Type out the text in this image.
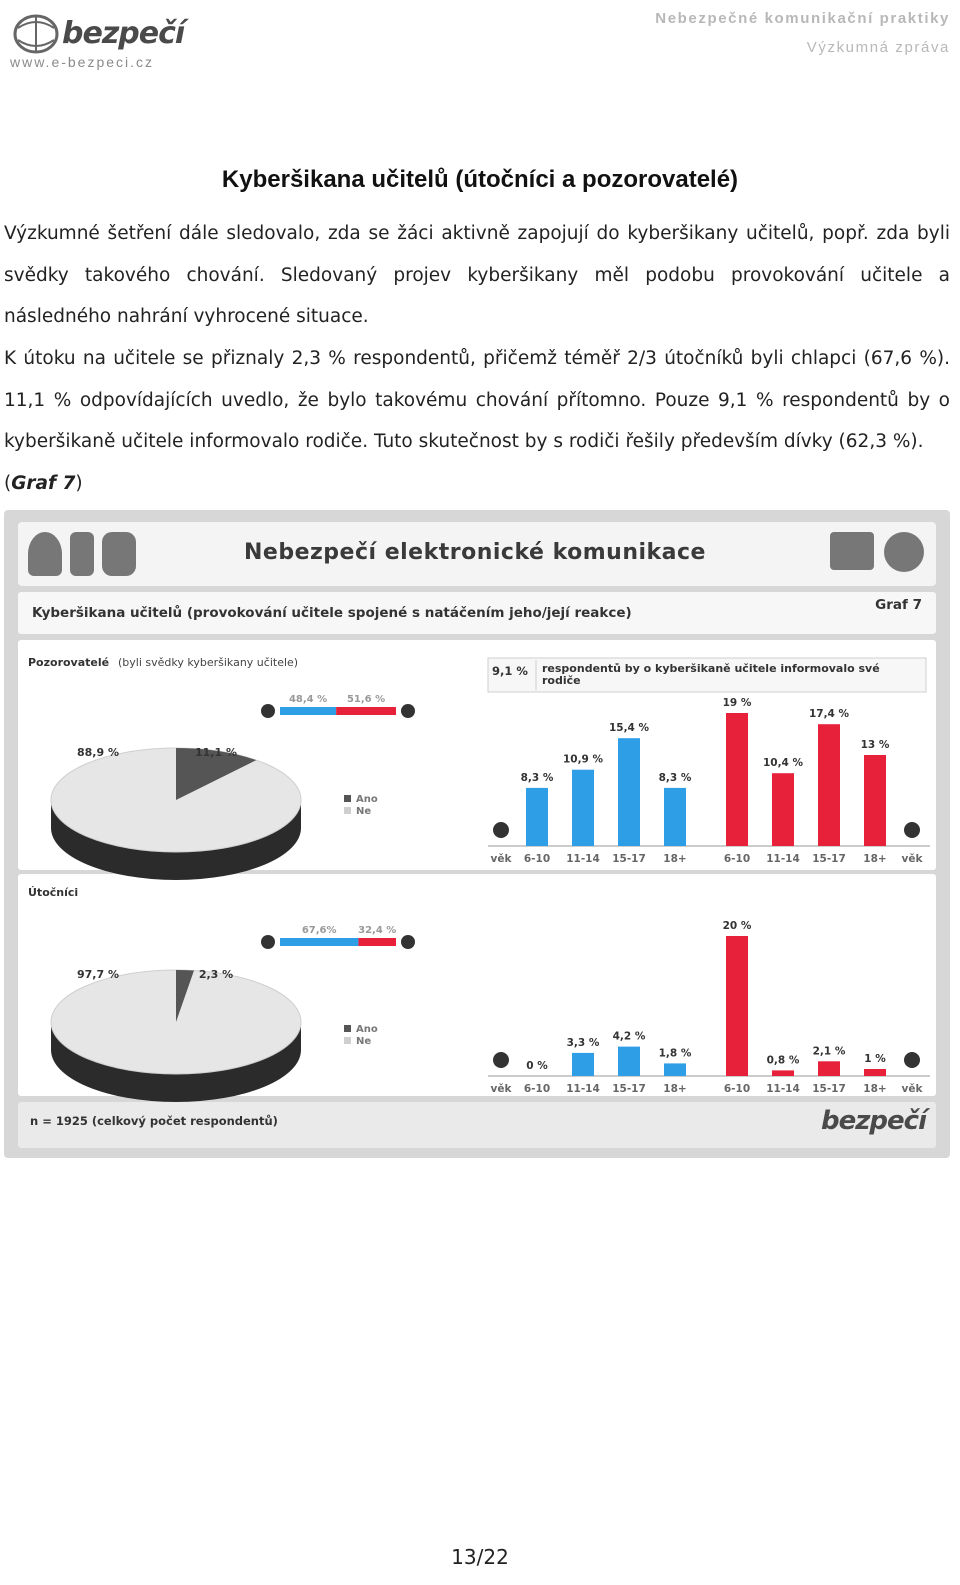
bezpečí
www.e-bezpeci.cz
Nebezpečné komunikační praktiky
Výzkumná zpráva
Kyberšikana učitelů (útočníci a pozorovatelé)

Výzkumné šetření dále sledovalo, zda se žáci aktivně zapojují do kyberšikany učitelů, popř. zda byli svědky takového chování. Sledovaný projev kyberšikany měl podobu provokování učitele a následného nahrání vyhrocené situace.

K útoku na učitele se přiznaly 2,3 % respondentů, přičemž téměř 2/3 útočníků byli chlapci (67,6 %). 11,1 % odpovídajících uvedlo, že bylo takovému chování přítomno. Pouze 9,1 % respondentů by o kyberšikaně učitele informovalo rodiče. Tuto skutečnost by s rodiči řešily především dívky (62,3 %).
(Graf 7)

Nebezpečí elektronické komunikace
Kyberšikana učitelů (provokování učitele spojené s natáčením jeho/její reakce)	Graf 7
n = 1925 (celkový počet respondentů)	bezpečí
Pozorovatelé (byli svědky kyberšikany učitele)
88,9 %	11,1 %
48,4 % 51,6 %
Ano
Ne
9,1 % respondentů by o kyberšikaně učitele informovalo své rodiče
věk	věk
8,3 %
6-10
19 %
6-10
10,9 %
11-14
10,4 %
11-14
15,4 %
15-17
17,4 %
15-17
8,3 %
18+
13 %
18+
Útočníci
97,7 %	2,3 %
67,6% 32,4 %
Ano
Ne
věk	věk
0 %
6-10
20 %
6-10
3,3 %
11-14
0,8 %
11-14
4,2 %
15-17
2,1 %
15-17
1,8 %
18+
1 %
18+
13/22
